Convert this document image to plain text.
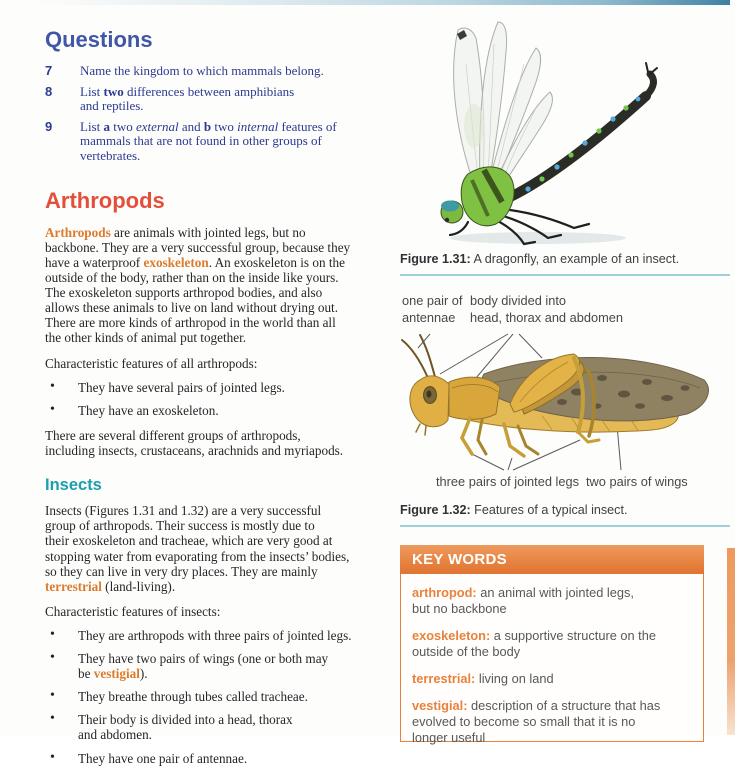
Questions
7	Name the kingdom to which mammals belong.
8	List two differences between amphibians
and reptiles.
9	List a two external and b two internal features of
mammals that are not found in other groups of
vertebrates.
Arthropods

Arthropods are animals with jointed legs, but no
backbone. They are a very successful group, because they
have a waterproof exoskeleton. An exoskeleton is on the
outside of the body, rather than on the inside like yours.
The exoskeleton supports arthropod bodies, and also
allows these animals to live on land without drying out.
There are more kinds of arthropod in the world than all
the other kinds of animal put together.

Characteristic features of all arthropods:

• They have several pairs of jointed legs.
• They have an exoskeleton.

There are several different groups of arthropods,
including insects, crustaceans, arachnids and myriapods.

Insects

Insects (Figures 1.31 and 1.32) are a very successful
group of arthropods. Their success is mostly due to
their exoskeleton and tracheae, which are very good at
stopping water from evaporating from the insects’ bodies,
so they can live in very dry places. They are mainly
terrestrial (land-living).

Characteristic features of insects:

• They are arthropods with three pairs of jointed legs.
• They have two pairs of wings (one or both may
be vestigial).
• They breathe through tubes called tracheae.
• Their body is divided into a head, thorax
and abdomen.
• They have one pair of antennae.
Figure 1.31: A dragonfly, an example of an insect.
one pair of
antennae
body divided into
head, thorax and abdomen
three pairs of jointed legs two pairs of wings
Figure 1.32: Features of a typical insect.
KEY WORDS
arthropod: an animal with jointed legs,
but no backbone
exoskeleton: a supportive structure on the
outside of the body
terrestrial: living on land
vestigial: description of a structure that has
evolved to become so small that it is no
longer useful
